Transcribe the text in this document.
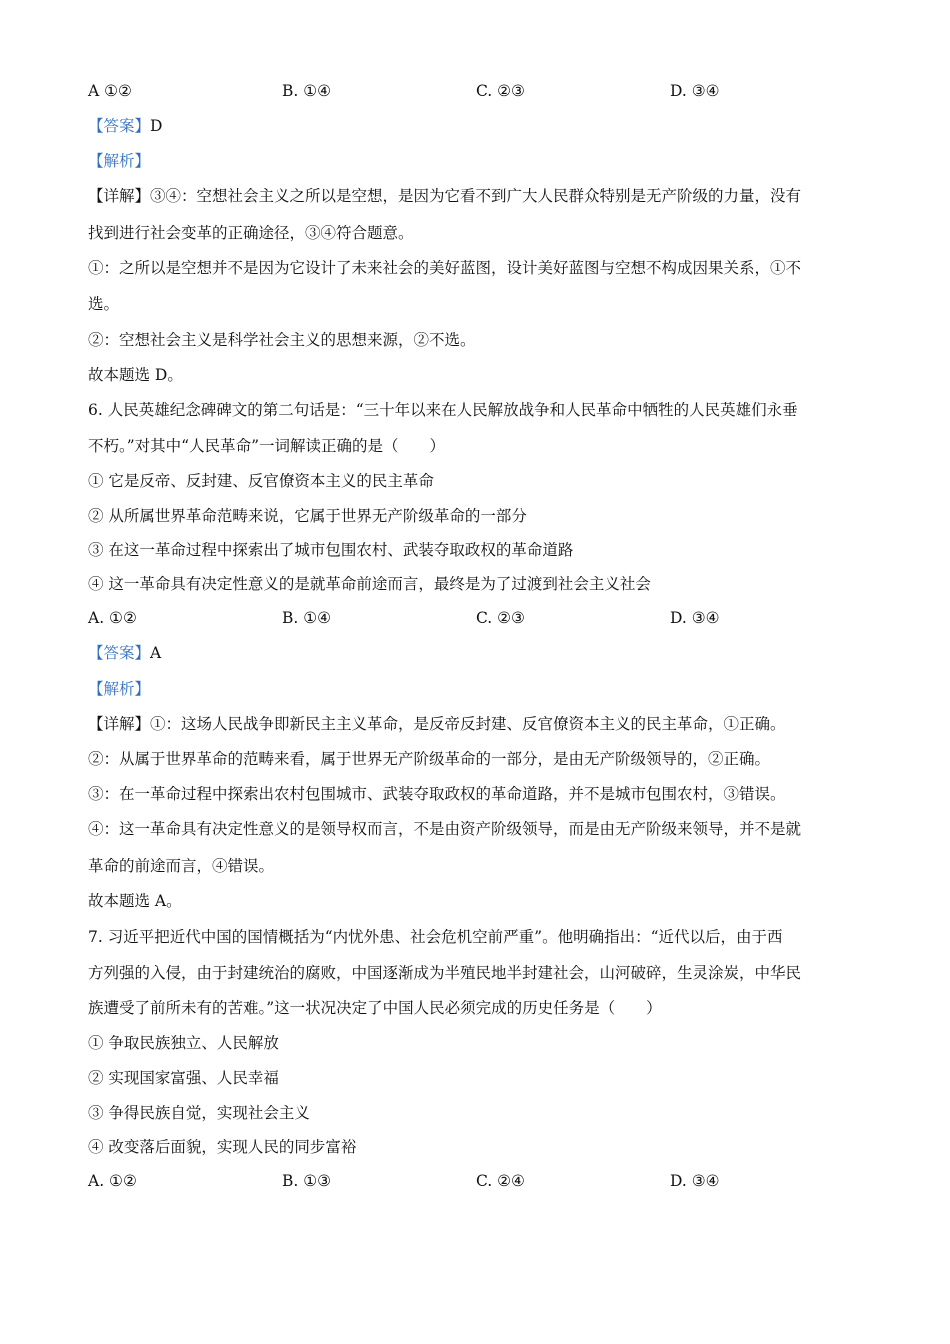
A ①②	B. ①④	C. ②③	D. ③④
【答案】D
【解析】
【详解】③④：空想社会主义之所以是空想，是因为它看不到广大人民群众特别是无产阶级的力量，没有
找到进行社会变革的正确途径，③④符合题意。
①：之所以是空想并不是因为它设计了未来社会的美好蓝图，设计美好蓝图与空想不构成因果关系，①不
选。
②：空想社会主义是科学社会主义的思想来源，②不选。
故本题选 D。
6. 人民英雄纪念碑碑文的第二句话是：“三十年以来在人民解放战争和人民革命中牺牲的人民英雄们永垂
不朽。”对其中“人民革命”一词解读正确的是（　　）
① 它是反帝、反封建、反官僚资本主义的民主革命
② 从所属世界革命范畴来说，它属于世界无产阶级革命的一部分
③ 在这一革命过程中探索出了城市包围农村、武装夺取政权的革命道路
④ 这一革命具有决定性意义的是就革命前途而言，最终是为了过渡到社会主义社会
A. ①②	B. ①④	C. ②③	D. ③④
【答案】A
【解析】
【详解】①：这场人民战争即新民主主义革命，是反帝反封建、反官僚资本主义的民主革命，①正确。
②：从属于世界革命的范畴来看，属于世界无产阶级革命的一部分，是由无产阶级领导的，②正确。
③：在一革命过程中探索出农村包围城市、武装夺取政权的革命道路，并不是城市包围农村，③错误。
④：这一革命具有决定性意义的是领导权而言，不是由资产阶级领导，而是由无产阶级来领导，并不是就
革命的前途而言，④错误。
故本题选 A。
7. 习近平把近代中国的国情概括为“内忧外患、社会危机空前严重”。他明确指出：“近代以后，由于西
方列强的入侵，由于封建统治的腐败，中国逐渐成为半殖民地半封建社会，山河破碎，生灵涂炭，中华民
族遭受了前所未有的苦难。”这一状况决定了中国人民必须完成的历史任务是（　　）
① 争取民族独立、人民解放
② 实现国家富强、人民幸福
③ 争得民族自觉，实现社会主义
④ 改变落后面貌，实现人民的同步富裕
A. ①②	B. ①③	C. ②④	D. ③④
